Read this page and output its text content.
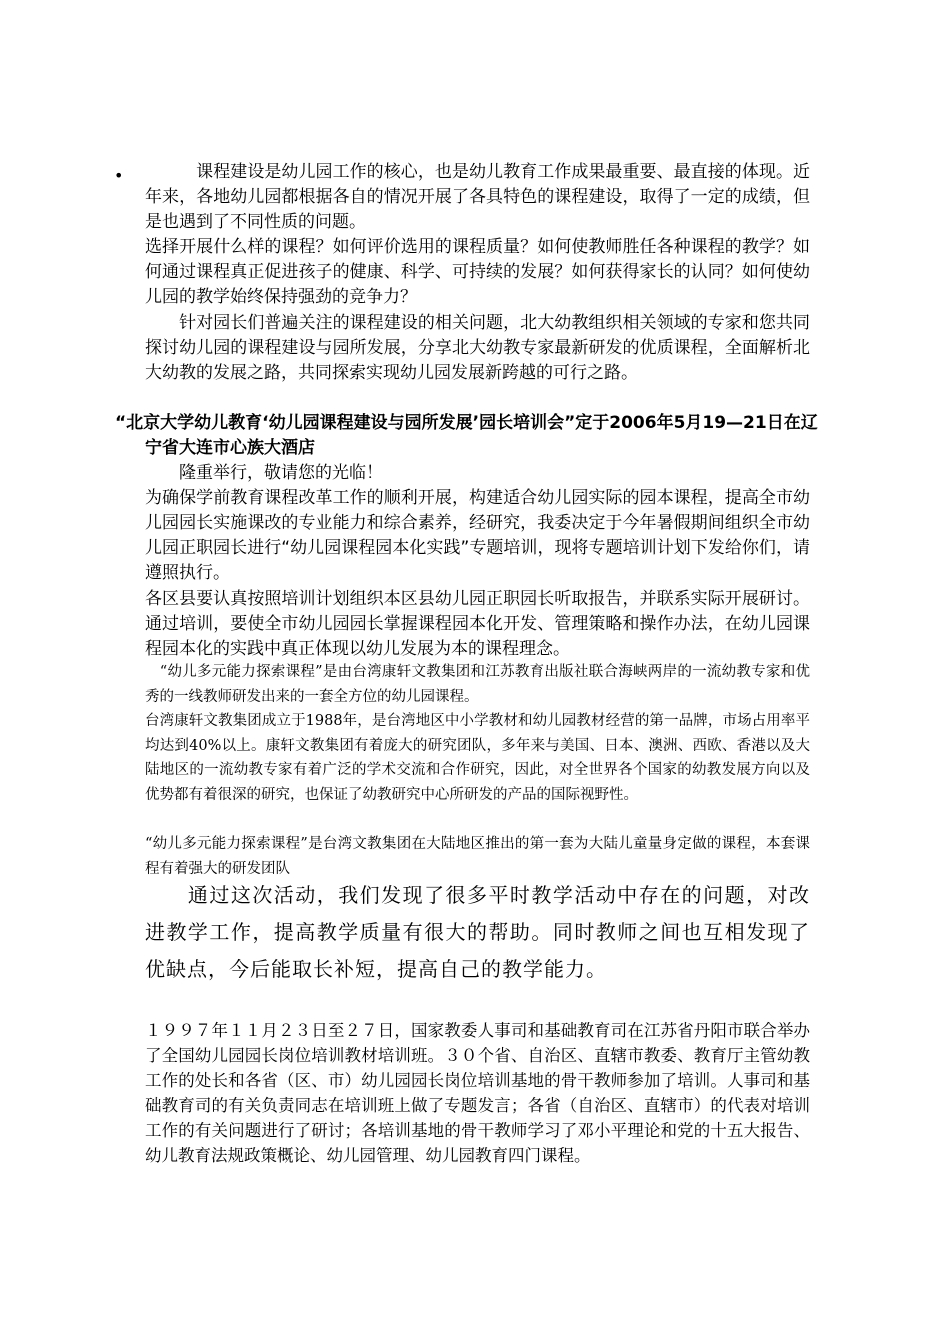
• 　　　课程建设是幼儿园工作的核心，也是幼儿教育工作成果最重要、最直接的体现。近年来，各地幼儿园都根据各自的情况开展了各具特色的课程建设，取得了一定的成绩，但是也遇到了不同性质的问题。

选择开展什么样的课程？如何评价选用的课程质量？如何使教师胜任各种课程的教学？如何通过课程真正促进孩子的健康、科学、可持续的发展？如何获得家长的认同？如何使幼儿园的教学始终保持强劲的竞争力？

　　针对园长们普遍关注的课程建设的相关问题，北大幼教组织相关领域的专家和您共同探讨幼儿园的课程建设与园所发展，分享北大幼教专家最新研发的优质课程，全面解析北大幼教的发展之路，共同探索实现幼儿园发展新跨越的可行之路。

“北京大学幼儿教育‘幼儿园课程建设与园所发展’园长培训会”定于2006年5月19—21日在辽宁省大连市心族大酒店

　　隆重举行，敬请您的光临！

为确保学前教育课程改革工作的顺利开展，构建适合幼儿园实际的园本课程，提高全市幼儿园园长实施课改的专业能力和综合素养，经研究，我委决定于今年暑假期间组织全市幼儿园正职园长进行“幼儿园课程园本化实践”专题培训，现将专题培训计划下发给你们，请遵照执行。

各区县要认真按照培训计划组织本区县幼儿园正职园长听取报告，并联系实际开展研讨。通过培训，要使全市幼儿园园长掌握课程园本化开发、管理策略和操作办法，在幼儿园课程园本化的实践中真正体现以幼儿发展为本的课程理念。

　“幼儿多元能力探索课程”是由台湾康轩文教集团和江苏教育出版社联合海峡两岸的一流幼教专家和优秀的一线教师研发出来的一套全方位的幼儿园课程。

台湾康轩文教集团成立于1988年，是台湾地区中小学教材和幼儿园教材经营的第一品牌，市场占用率平均达到40%以上。康轩文教集团有着庞大的研究团队，多年来与美国、日本、澳洲、西欧、香港以及大陆地区的一流幼教专家有着广泛的学术交流和合作研究，因此，对全世界各个国家的幼教发展方向以及优势都有着很深的研究，也保证了幼教研究中心所研发的产品的国际视野性。

“幼儿多元能力探索课程”是台湾文教集团在大陆地区推出的第一套为大陆儿童量身定做的课程，本套课程有着强大的研发团队

　　通过这次活动，我们发现了很多平时教学活动中存在的问题，对改进教学工作，提高教学质量有很大的帮助。同时教师之间也互相发现了优缺点，今后能取长补短，提高自己的教学能力。

１９９７年１１月２３日至２７日，国家教委人事司和基础教育司在江苏省丹阳市联合举办了全国幼儿园园长岗位培训教材培训班。３０个省、自治区、直辖市教委、教育厅主管幼教工作的处长和各省（区、市）幼儿园园长岗位培训基地的骨干教师参加了培训。人事司和基础教育司的有关负责同志在培训班上做了专题发言；各省（自治区、直辖市）的代表对培训工作的有关问题进行了研讨；各培训基地的骨干教师学习了邓小平理论和党的十五大报告、幼儿教育法规政策概论、幼儿园管理、幼儿园教育四门课程。
